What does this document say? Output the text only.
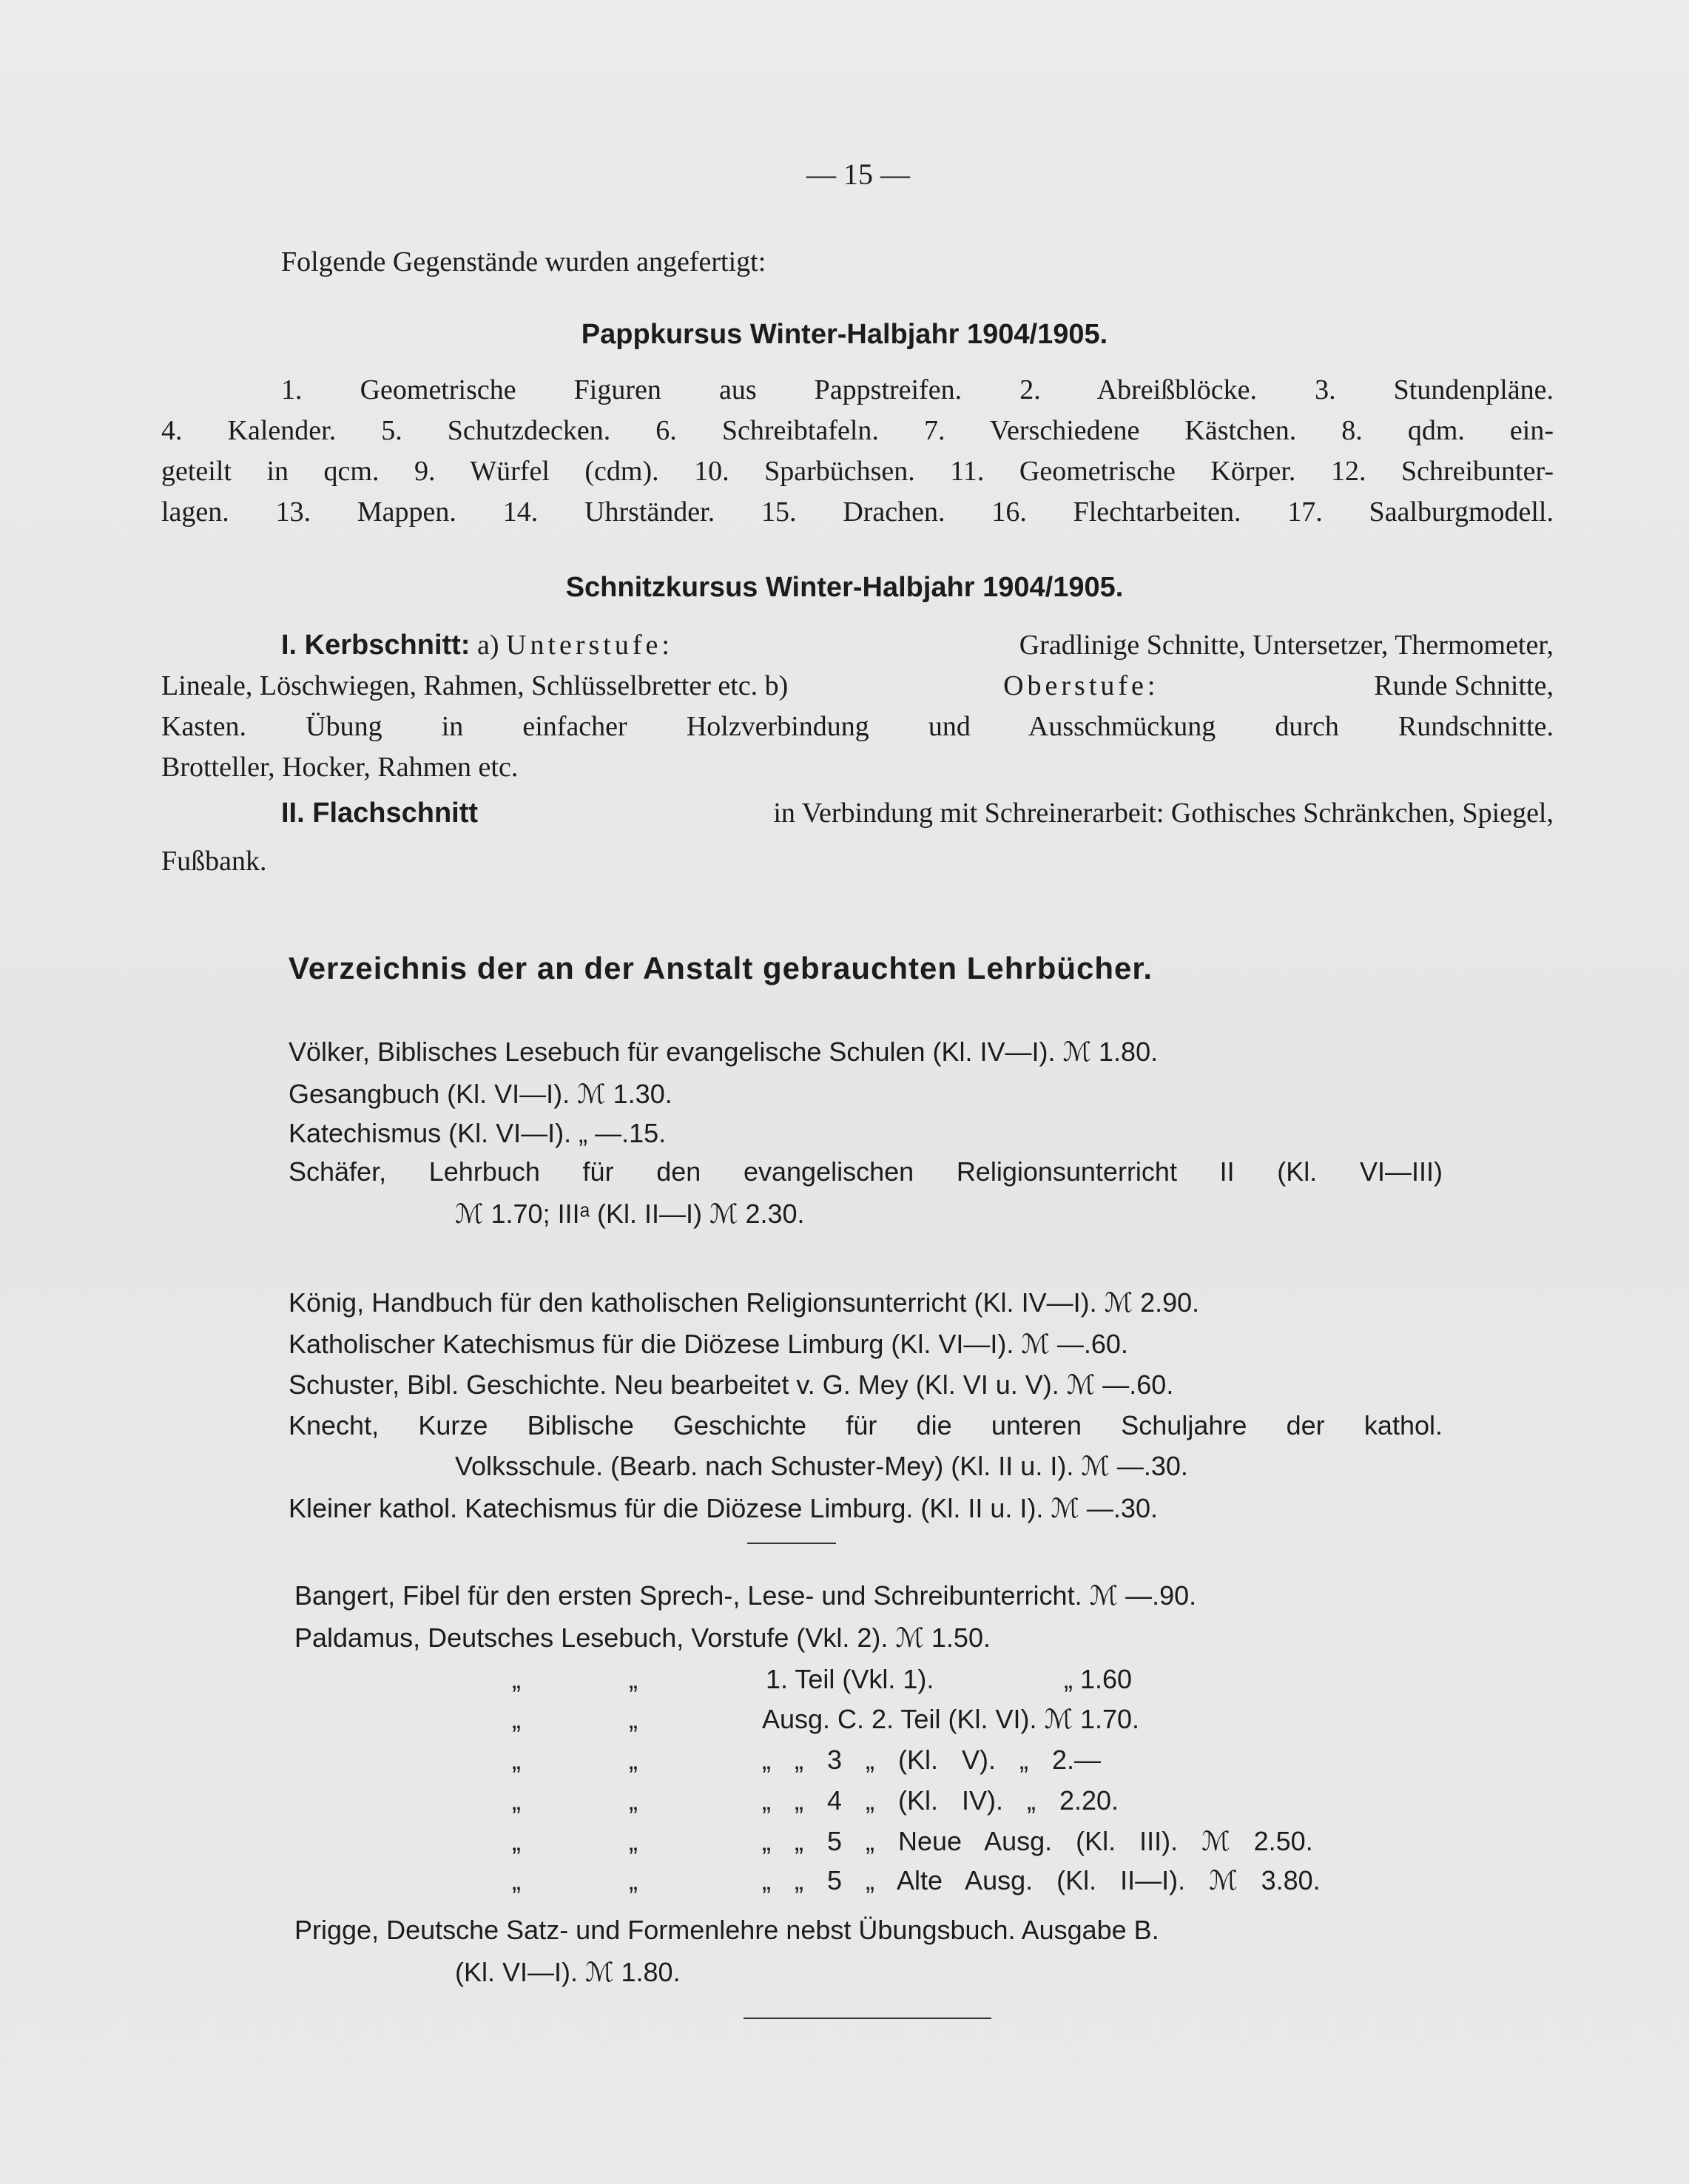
— 15 —
Folgende Gegenstände wurden angefertigt:
Pappkursus Winter-Halbjahr 1904/1905.
1. Geometrische Figuren aus Pappstreifen. 2. Abreißblöcke. 3. Stundenpläne.
4. Kalender. 5. Schutzdecken. 6. Schreibtafeln. 7. Verschiedene Kästchen. 8. qdm. ein-
geteilt in qcm. 9. Würfel (cdm). 10. Sparbüchsen. 11. Geometrische Körper. 12. Schreibunter-
lagen. 13. Mappen. 14. Uhrständer. 15. Drachen. 16. Flechtarbeiten. 17. Saalburgmodell.
Schnitzkursus Winter-Halbjahr 1904/1905.
I. Kerbschnitt: a) Unterstufe:	Gradlinige Schnitte, Untersetzer, Thermometer,
Lineale, Löschwiegen, Rahmen, Schlüsselbretter etc. b)	Oberstufe:	Runde Schnitte,
Kasten. Übung in einfacher Holzverbindung und Ausschmückung durch Rundschnitte.
Brotteller, Hocker, Rahmen etc.
II. Flachschnitt	in Verbindung mit Schreinerarbeit: Gothisches Schränkchen, Spiegel,
Fußbank.
Verzeichnis der an der Anstalt gebrauchten Lehrbücher.
Völker, Biblisches Lesebuch für evangelische Schulen (Kl. IV—I). ℳ 1.80.
Gesangbuch (Kl. VI—I). ℳ 1.30.
Katechismus (Kl. VI—I). „ —.15.
Schäfer, Lehrbuch für den evangelischen Religionsunterricht II (Kl. VI—III)
ℳ 1.70; IIIᵃ (Kl. II—I) ℳ 2.30.
König, Handbuch für den katholischen Religionsunterricht (Kl. IV—I). ℳ 2.90.
Katholischer Katechismus für die Diözese Limburg (Kl. VI—I). ℳ —.60.
Schuster, Bibl. Geschichte. Neu bearbeitet v. G. Mey (Kl. VI u. V). ℳ —.60.
Knecht, Kurze Biblische Geschichte für die unteren Schuljahre der kathol.
Volksschule. (Bearb. nach Schuster-Mey) (Kl. II u. I). ℳ —.30.
Kleiner kathol. Katechismus für die Diözese Limburg. (Kl. II u. I). ℳ —.30.
Bangert, Fibel für den ersten Sprech-, Lese- und Schreibunterricht. ℳ —.90.
Paldamus, Deutsches Lesebuch, Vorstufe (Vkl. 2). ℳ 1.50.
„	„	1. Teil (Vkl. 1).	„ 1.60
„	„	Ausg. C. 2. Teil (Kl. VI). ℳ 1.70.
„	„	„ „ 3 „ (Kl. V). „ 2.—
„	„	„ „ 4 „ (Kl. IV). „ 2.20.
„	„	„ „ 5 „ Neue Ausg. (Kl. III). ℳ 2.50.
„	„	„ „ 5 „ Alte Ausg. (Kl. II—I). ℳ 3.80.
Prigge, Deutsche Satz- und Formenlehre nebst Übungsbuch. Ausgabe B.
(Kl. VI—I). ℳ 1.80.
